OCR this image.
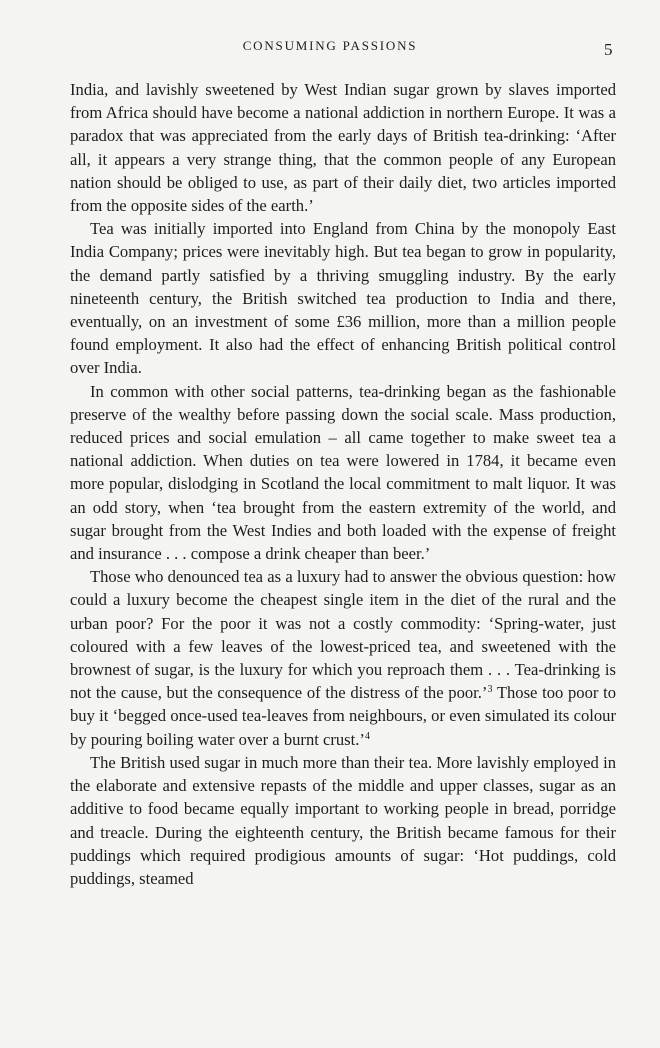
CONSUMING PASSIONS	5

India, and lavishly sweetened by West Indian sugar grown by slaves imported from Africa should have become a national addiction in northern Europe. It was a paradox that was appreciated from the early days of British tea-drinking: ‘After all, it appears a very strange thing, that the common people of any European nation should be obliged to use, as part of their daily diet, two articles imported from the opposite sides of the earth.’

Tea was initially imported into England from China by the monopoly East India Company; prices were inevitably high. But tea began to grow in popularity, the demand partly satisfied by a thriving smuggling industry. By the early nineteenth century, the British switched tea production to India and there, eventually, on an investment of some £36 million, more than a million people found employment. It also had the effect of enhancing British political control over India.

In common with other social patterns, tea-drinking began as the fashionable preserve of the wealthy before passing down the social scale. Mass production, reduced prices and social emulation – all came together to make sweet tea a national addiction. When duties on tea were lowered in 1784, it became even more popular, dislodging in Scotland the local commitment to malt liquor. It was an odd story, when ‘tea brought from the eastern extremity of the world, and sugar brought from the West Indies and both loaded with the expense of freight and insurance . . . compose a drink cheaper than beer.’

Those who denounced tea as a luxury had to answer the obvious question: how could a luxury become the cheapest single item in the diet of the rural and the urban poor? For the poor it was not a costly commodity: ‘Spring-water, just coloured with a few leaves of the lowest-priced tea, and sweetened with the brownest of sugar, is the luxury for which you reproach them . . . Tea-drinking is not the cause, but the consequence of the distress of the poor.’$^3$ Those too poor to buy it ‘begged once-used tea-leaves from neighbours, or even simulated its colour by pouring boiling water over a burnt crust.’$^4$

The British used sugar in much more than their tea. More lavishly employed in the elaborate and extensive repasts of the middle and upper classes, sugar as an additive to food became equally important to working people in bread, porridge and treacle. During the eighteenth century, the British became famous for their puddings which required prodigious amounts of sugar: ‘Hot puddings, cold puddings, steamed
